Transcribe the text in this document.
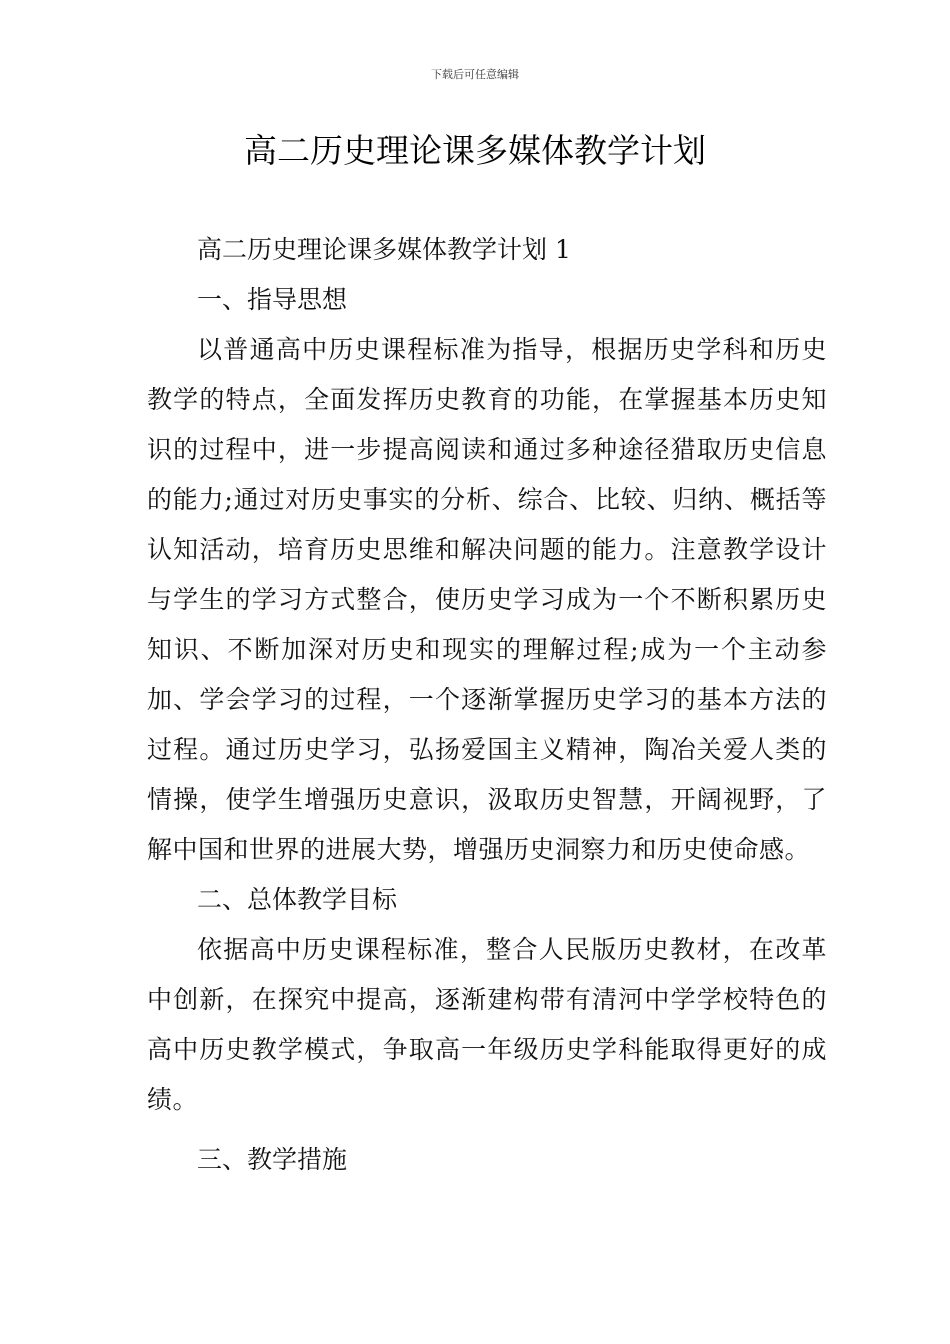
下载后可任意编辑
高二历史理论课多媒体教学计划

高二历史理论课多媒体教学计划 1

一、指导思想

以普通高中历史课程标准为指导，根据历史学科和历史教学的特点，全面发挥历史教育的功能，在掌握基本历史知识的过程中，进一步提高阅读和通过多种途径猎取历史信息的能力;通过对历史事实的分析、综合、比较、归纳、概括等认知活动，培育历史思维和解决问题的能力。注意教学设计与学生的学习方式整合，使历史学习成为一个不断积累历史知识、不断加深对历史和现实的理解过程;成为一个主动参加、学会学习的过程，一个逐渐掌握历史学习的基本方法的过程。通过历史学习，弘扬爱国主义精神，陶冶关爱人类的情操，使学生增强历史意识，汲取历史智慧，开阔视野，了解中国和世界的进展大势，增强历史洞察力和历史使命感。

二、总体教学目标

依据高中历史课程标准，整合人民版历史教材，在改革中创新，在探究中提高，逐渐建构带有清河中学学校特色的高中历史教学模式，争取高一年级历史学科能取得更好的成绩。

三、教学措施
